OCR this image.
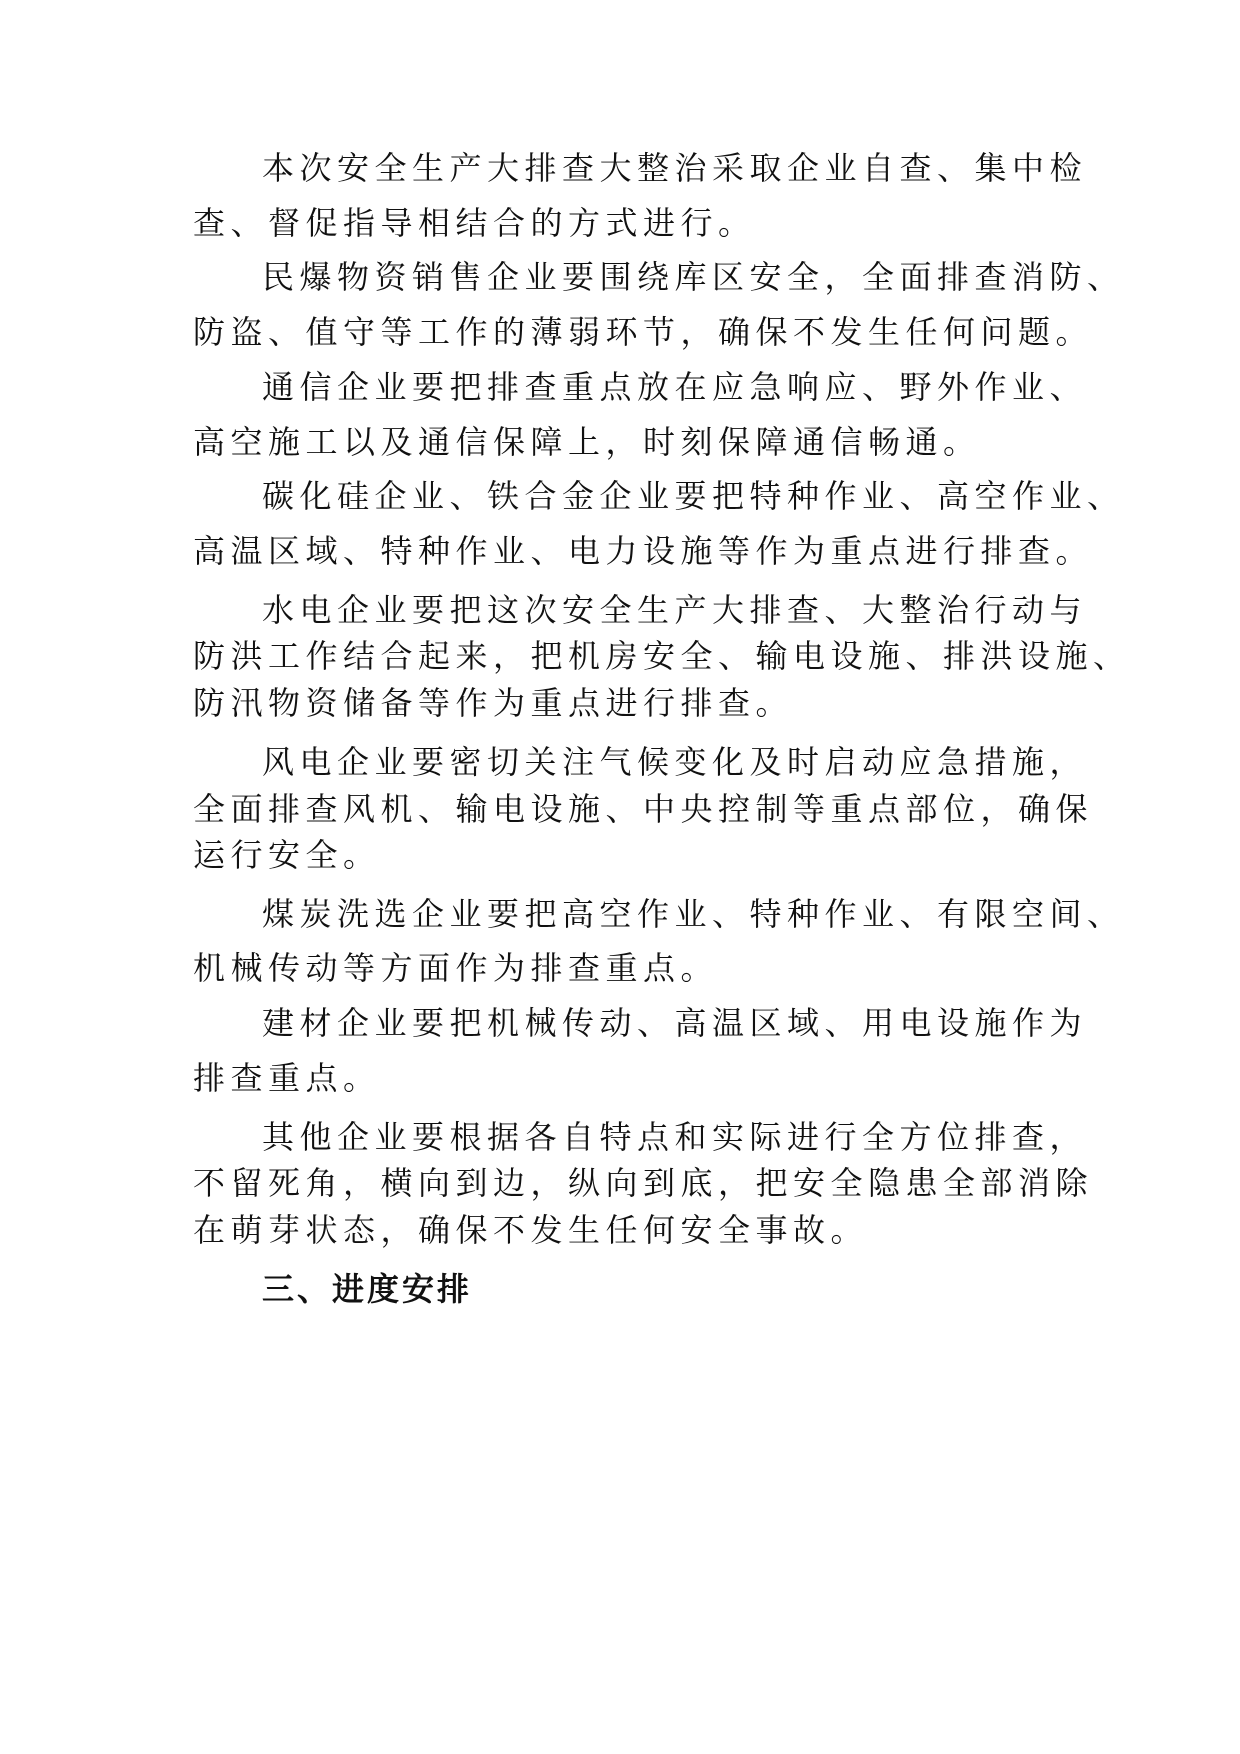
本次安全生产大排查大整治采取企业自查、集中检

查、督促指导相结合的方式进行。

民爆物资销售企业要围绕库区安全，全面排查消防、

防盗、值守等工作的薄弱环节，确保不发生任何问题。

通信企业要把排查重点放在应急响应、野外作业、

高空施工以及通信保障上，时刻保障通信畅通。

碳化硅企业、铁合金企业要把特种作业、高空作业、

高温区域、特种作业、电力设施等作为重点进行排查。

水电企业要把这次安全生产大排查、大整治行动与

防洪工作结合起来，把机房安全、输电设施、排洪设施、

防汛物资储备等作为重点进行排查。

风电企业要密切关注气候变化及时启动应急措施，

全面排查风机、输电设施、中央控制等重点部位，确保

运行安全。

煤炭洗选企业要把高空作业、特种作业、有限空间、

机械传动等方面作为排查重点。

建材企业要把机械传动、高温区域、用电设施作为

排查重点。

其他企业要根据各自特点和实际进行全方位排查，

不留死角，横向到边，纵向到底，把安全隐患全部消除

在萌芽状态，确保不发生任何安全事故。

三、进度安排
